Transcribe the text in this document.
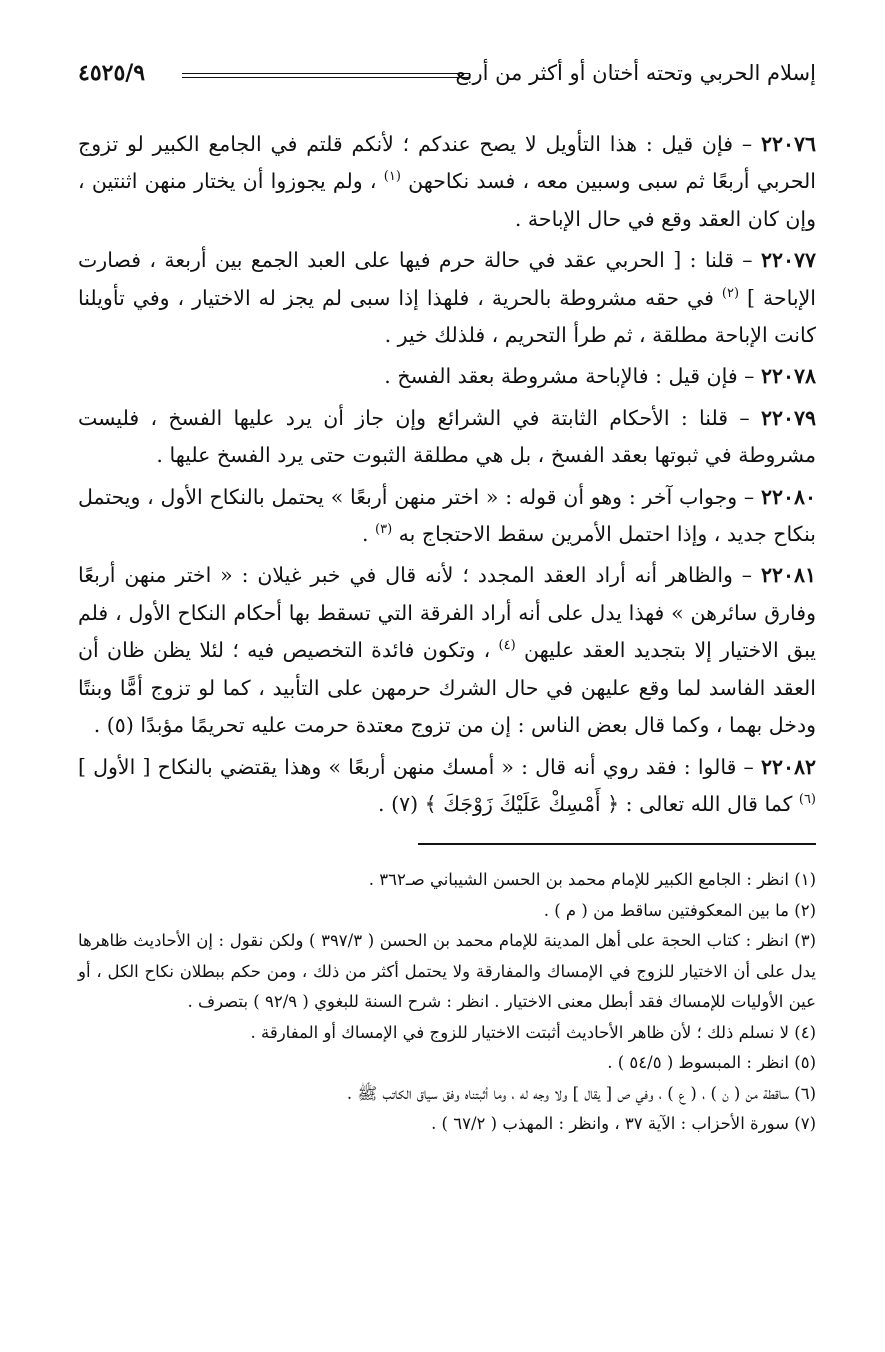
إسلام الحربي وتحته أختان أو أكثر من أربع
٤٥٢٥/٩

٢٢٠٧٦ – فإن قيل : هذا التأويل لا يصح عندكم ؛ لأنكم قلتم في الجامع الكبير لو تزوج الحربي أربعًا ثم سبى وسبين معه ، فسد نكاحهن $^{(١)}$ ، ولم يجوزوا أن يختار منهن اثنتين ، وإن كان العقد وقع في حال الإباحة .

٢٢٠٧٧ – قلنا : [ الحربي عقد في حالة حرم فيها على العبد الجمع بين أربعة ، فصارت الإباحة ] $^{(٢)}$ في حقه مشروطة بالحرية ، فلهذا إذا سبى لم يجز له الاختيار ، وفي تأويلنا كانت الإباحة مطلقة ، ثم طرأ التحريم ، فلذلك خير .

٢٢٠٧٨ – فإن قيل : فالإباحة مشروطة بعقد الفسخ .

٢٢٠٧٩ – قلنا : الأحكام الثابتة في الشرائع وإن جاز أن يرد عليها الفسخ ، فليست مشروطة في ثبوتها بعقد الفسخ ، بل هي مطلقة الثبوت حتى يرد الفسخ عليها .

٢٢٠٨٠ – وجواب آخر : وهو أن قوله : « اختر منهن أربعًا » يحتمل بالنكاح الأول ، ويحتمل بنكاح جديد ، وإذا احتمل الأمرين سقط الاحتجاج به $^{(٣)}$ .

٢٢٠٨١ – والظاهر أنه أراد العقد المجدد ؛ لأنه قال في خبر غيلان : « اختر منهن أربعًا وفارق سائرهن » فهذا يدل على أنه أراد الفرقة التي تسقط بها أحكام النكاح الأول ، فلم يبق الاختيار إلا بتجديد العقد عليهن $^{(٤)}$ ، وتكون فائدة التخصيص فيه ؛ لئلا يظن ظان أن العقد الفاسد لما وقع عليهن في حال الشرك حرمهن على التأبيد ، كما لو تزوج أمًّا وبنتًا ودخل بهما ، وكما قال بعض الناس : إن من تزوج معتدة حرمت عليه تحريمًا مؤبدًا (٥) .

٢٢٠٨٢ – قالوا : فقد روي أنه قال : « أمسك منهن أربعًا » وهذا يقتضي بالنكاح [ الأول ] $^{(٦)}$ كما قال الله تعالى : ﴿ أَمْسِكْ عَلَيْكَ زَوْجَكَ ﴾ (٧) .

(١) انظر : الجامع الكبير للإمام محمد بن الحسن الشيباني صـ٣٦٢ .

(٢) ما بين المعكوفتين ساقط من ( م ) .

(٣) انظر : كتاب الحجة على أهل المدينة للإمام محمد بن الحسن ( ٣٩٧/٣ ) ولكن نقول : إن الأحاديث ظاهرها يدل على أن الاختيار للزوج في الإمساك والمفارقة ولا يحتمل أكثر من ذلك ، ومن حكم ببطلان نكاح الكل ، أو عين الأوليات للإمساك فقد أبطل معنى الاختيار . انظر : شرح السنة للبغوي ( ٩٢/٩ ) بتصرف .

(٤) لا نسلم ذلك ؛ لأن ظاهر الأحاديث أثبتت الاختيار للزوج في الإمساك أو المفارقة .

(٥) انظر : المبسوط ( ٥٤/٥ ) .

(٦) ساقطة من ( ن ) ، ( ع ) ، وفي ص [ يقال ] ولا وجه له ، وما أثبتناه وفق سياق الكاتب ﷺ .

(٧) سورة الأحزاب : الآية ٣٧ ، وانظر : المهذب ( ٦٧/٢ ) .
